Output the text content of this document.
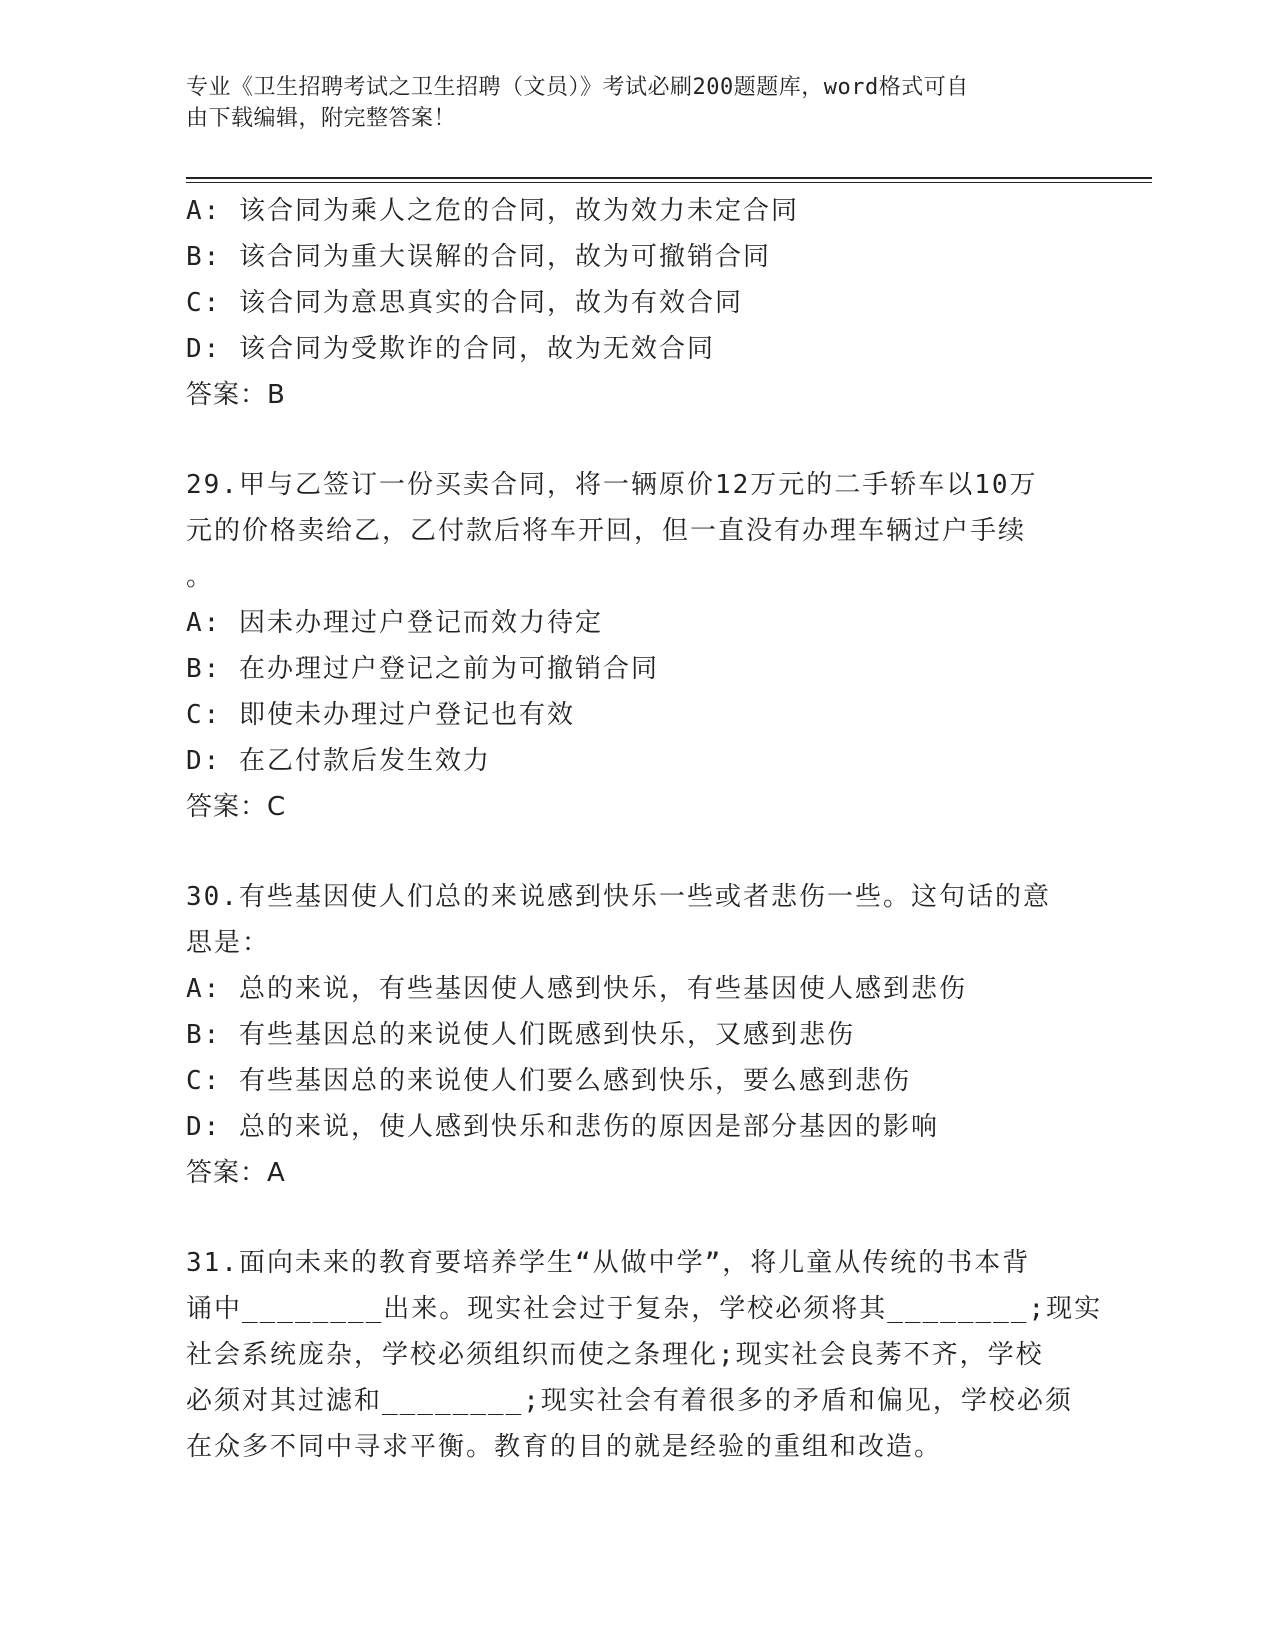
专业《卫生招聘考试之卫生招聘（文员）》考试必刷200题题库，word格式可自
由下载编辑，附完整答案！
A: 该合同为乘人之危的合同，故为效力未定合同
B: 该合同为重大误解的合同，故为可撤销合同
C: 该合同为意思真实的合同，故为有效合同
D: 该合同为受欺诈的合同，故为无效合同
答案：B
29.甲与乙签订一份买卖合同，将一辆原价12万元的二手轿车以10万
元的价格卖给乙，乙付款后将车开回，但一直没有办理车辆过户手续
。
A: 因未办理过户登记而效力待定
B: 在办理过户登记之前为可撤销合同
C: 即使未办理过户登记也有效
D: 在乙付款后发生效力
答案：C
30.有些基因使人们总的来说感到快乐一些或者悲伤一些。这句话的意
思是：
A: 总的来说，有些基因使人感到快乐，有些基因使人感到悲伤
B: 有些基因总的来说使人们既感到快乐，又感到悲伤
C: 有些基因总的来说使人们要么感到快乐，要么感到悲伤
D: 总的来说，使人感到快乐和悲伤的原因是部分基因的影响
答案：A
31.面向未来的教育要培养学生“从做中学”，将儿童从传统的书本背
诵中________出来。现实社会过于复杂，学校必须将其________;现实
社会系统庞杂，学校必须组织而使之条理化;现实社会良莠不齐，学校
必须对其过滤和________;现实社会有着很多的矛盾和偏见，学校必须
在众多不同中寻求平衡。教育的目的就是经验的重组和改造。
